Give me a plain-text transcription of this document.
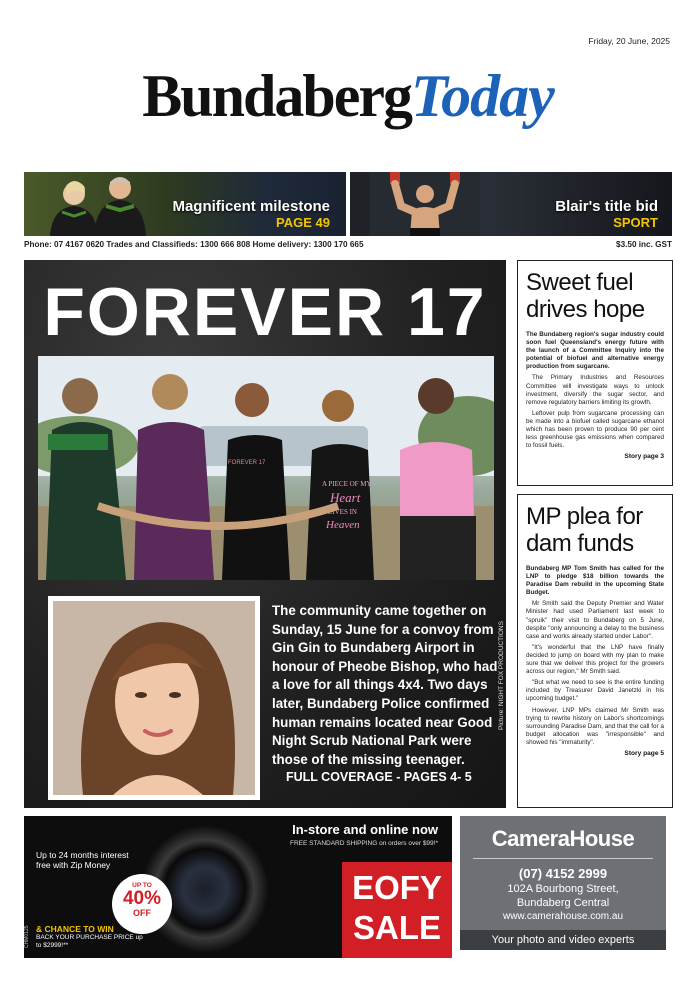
Friday, 20 June, 2025
BundabergToday
Magnificent milestone
PAGE 49
Blair's title bid
SPORT
Phone: 07 4167 0620 Trades and Classifieds: 1300 666 808 Home delivery: 1300 170 665	$3.50 inc. GST
FOREVER 17
FOREVER 17
A PIECE OF MY
Heart
LIVES IN
Heaven
Picture: NIGHT FOX PRODUCTIONS
The community came together on Sunday, 15 June for a convoy from Gin Gin to Bundaberg Airport in honour of Pheobe Bishop, who had a love for all things 4x4. Two days later, Bundaberg Police confirmed human remains located near Good Night Scrub National Park were those of the missing teenager.
FULL COVERAGE - PAGES 4- 5
Sweet fuel drives hope

The Bundaberg region's sugar industry could soon fuel Queensland's energy future with the launch of a Committee Inquiry into the potential of biofuel and alternative energy production from sugarcane.

The Primary Industries and Resources Committee will investigate ways to unlock investment, diversify the sugar sector, and remove regulatory barriers limiting its growth.

Leftover pulp from sugarcane processing can be made into a biofuel called sugarcane ethanol which has been proven to produce 90 per cent less greenhouse gas emissions when compared to fossil fuels.

Story page 3
MP plea for dam funds

Bundaberg MP Tom Smith has called for the LNP to pledge $18 billion towards the Paradise Dam rebuild in the upcoming State Budget.

Mr Smith said the Deputy Premier and Water Minister had used Parliament last week to "spruik" their visit to Bundaberg on 5 June, despite "only announcing a delay to the business case and works already started under Labor".

"It's wonderful that the LNP have finally decided to jump on board with my plan to make sure that we deliver this project for the growers across our region," Mr Smith said.

"But what we need to see is the entire funding included by Treasurer David Janetzki in his upcoming budget."

However, LNP MPs claimed Mr Smith was trying to rewrite history on Labor's shortcomings surrounding Paradise Dam, and that the call for a budget allocation was "irresponsible" and showed his "immaturity".

Story page 5
Up to 24 months interest free with Zip Money
UP TO
40%
OFF
& CHANCE TO WIN
BACK YOUR PURCHASE PRICE up to $2999!**
In-store and online now
FREE STANDARD SHIPPING on orders over $99!*
EOFY
SALE
CHM0125
CameraHouse
(07) 4152 2999
102A Bourbong Street,
Bundaberg Central
www.camerahouse.com.au
Your photo and video experts
